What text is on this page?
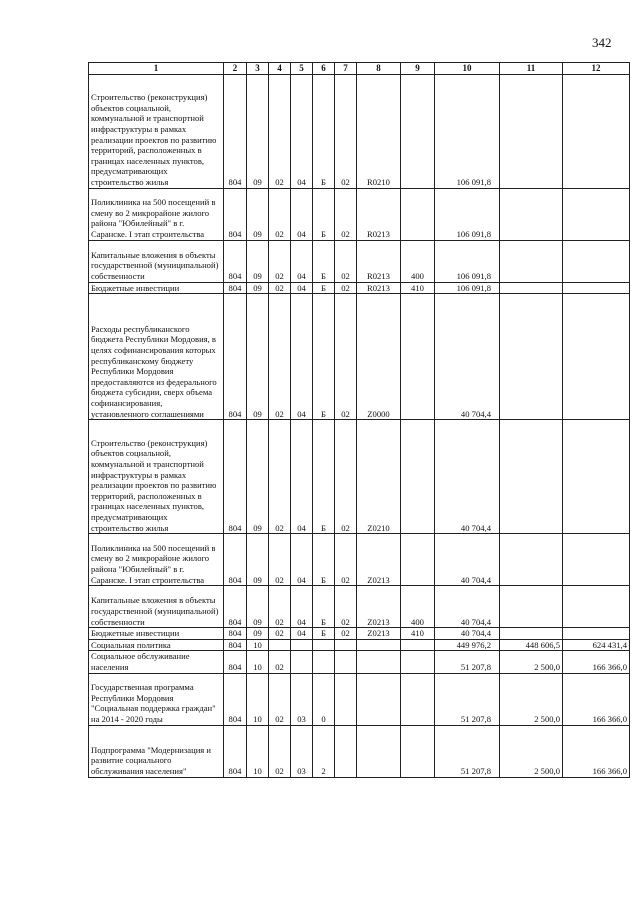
342
1	2	3	4	5	6	7	8	9	10	11	12
Строительство (реконструкция) объектов социальной, коммунальной и транспортной инфраструктуры в рамках реализации проектов по развитию территорий, расположенных в границах населенных пунктов, предусматривающих строительство жилья	804	09	02	04	Б	02	R0210		106 091,8		
Поликлиника на 500 посещений в смену во 2 микрорайоне жилого района "Юбилейный" в г. Саранске. I этап строительства	804	09	02	04	Б	02	R0213		106 091,8		
Капитальные вложения в объекты государственной (муниципальной) собственности	804	09	02	04	Б	02	R0213	400	106 091,8		
Бюджетные инвестиции	804	09	02	04	Б	02	R0213	410	106 091,8		
Расходы республиканского бюджета Республики Мордовия, в целях софинансирования которых республиканскому бюджету Республики Мордовия предоставляются из федерального бюджета субсидии, сверх объема софинансирования, установленного соглашениями	804	09	02	04	Б	02	Z0000		40 704,4		
Строительство (реконструкция) объектов социальной, коммунальной и транспортной инфраструктуры в рамках реализации проектов по развитию территорий, расположенных в границах населенных пунктов, предусматривающих строительство жилья	804	09	02	04	Б	02	Z0210		40 704,4		
Поликлиника на 500 посещений в смену во 2 микрорайоне жилого района "Юбилейный" в г. Саранске. I этап строительства	804	09	02	04	Б	02	Z0213		40 704,4		
Капитальные вложения в объекты государственной (муниципальной) собственности	804	09	02	04	Б	02	Z0213	400	40 704,4		
Бюджетные инвестиции	804	09	02	04	Б	02	Z0213	410	40 704,4		
Социальная политика	804	10							449 976,2	448 606,5	624 431,4
Социальное обслуживание населения	804	10	02						51 207,8	2 500,0	166 366,0
Государственная программа Республики Мордовия "Социальная поддержка граждан" на 2014 - 2020 годы	804	10	02	03	0				51 207,8	2 500,0	166 366,0
Подпрограмма "Модернизация и развитие социального обслуживания населения"	804	10	02	03	2				51 207,8	2 500,0	166 366,0
